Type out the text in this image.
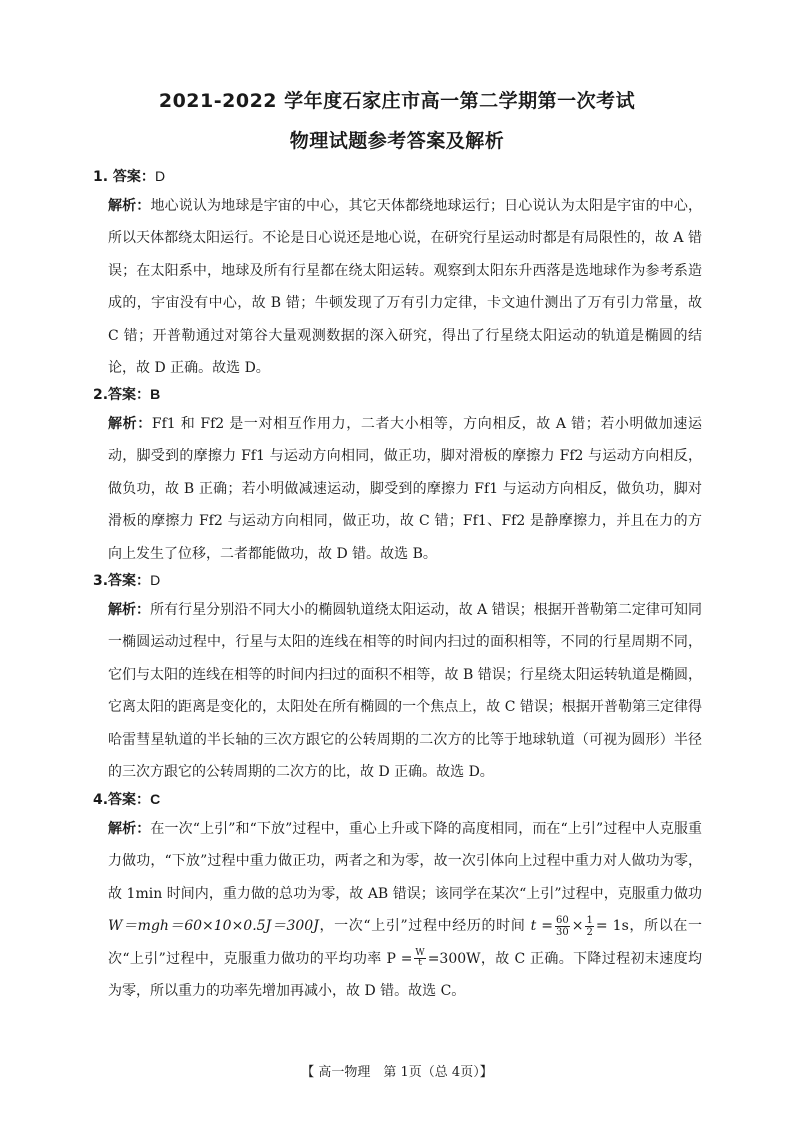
2021-2022 学年度石家庄市高一第二学期第一次考试
物理试题参考答案及解析
1. 答案：D
解析：地心说认为地球是宇宙的中心，其它天体都绕地球运行；日心说认为太阳是宇宙的中心，所以天体都绕太阳运行。不论是日心说还是地心说，在研究行星运动时都是有局限性的，故 A 错误；在太阳系中，地球及所有行星都在绕太阳运转。观察到太阳东升西落是选地球作为参考系造成的，宇宙没有中心，故 B 错；牛顿发现了万有引力定律，卡文迪什测出了万有引力常量，故 C 错；开普勒通过对第谷大量观测数据的深入研究，得出了行星绕太阳运动的轨道是椭圆的结论，故 D 正确。故选 D。
2.答案：B
解析：Ff1 和 Ff2 是一对相互作用力，二者大小相等，方向相反，故 A 错；若小明做加速运动，脚受到的摩擦力 Ff1 与运动方向相同，做正功，脚对滑板的摩擦力 Ff2 与运动方向相反，做负功，故 B 正确；若小明做减速运动，脚受到的摩擦力 Ff1 与运动方向相反，做负功，脚对滑板的摩擦力 Ff2 与运动方向相同，做正功，故 C 错；Ff1、Ff2 是静摩擦力，并且在力的方向上发生了位移，二者都能做功，故 D 错。故选 B。
3.答案：D
解析：所有行星分别沿不同大小的椭圆轨道绕太阳运动，故 A 错误；根据开普勒第二定律可知同一椭圆运动过程中，行星与太阳的连线在相等的时间内扫过的面积相等，不同的行星周期不同，它们与太阳的连线在相等的时间内扫过的面积不相等，故 B 错误；行星绕太阳运转轨道是椭圆，它离太阳的距离是变化的，太阳处在所有椭圆的一个焦点上，故 C 错误；根据开普勒第三定律得哈雷彗星轨道的半长轴的三次方跟它的公转周期的二次方的比等于地球轨道（可视为圆形）半径的三次方跟它的公转周期的二次方的比，故 D 正确。故选 D。
4.答案：C
解析：在一次“上引”和“下放”过程中，重心上升或下降的高度相同，而在“上引”过程中人克服重力做功，“下放”过程中重力做正功，两者之和为零，故一次引体向上过程中重力对人做功为零，故 1min 时间内，重力做的总功为零，故 AB 错误；该同学在某次“上引”过程中，克服重力做功 W＝mgh＝60×10×0.5J＝300J，一次“上引”过程中经历的时间 $t = \frac{60}{30} \times \frac{1}{2} = 1s$，所以在一次“上引”过程中，克服重力做功的平均功率 $P = \frac{W}{t} =300W$，故 C 正确。下降过程初末速度均为零，所以重力的功率先增加再减小，故 D 错。故选 C。
【 高一物理　第 1页（总 4页）】
